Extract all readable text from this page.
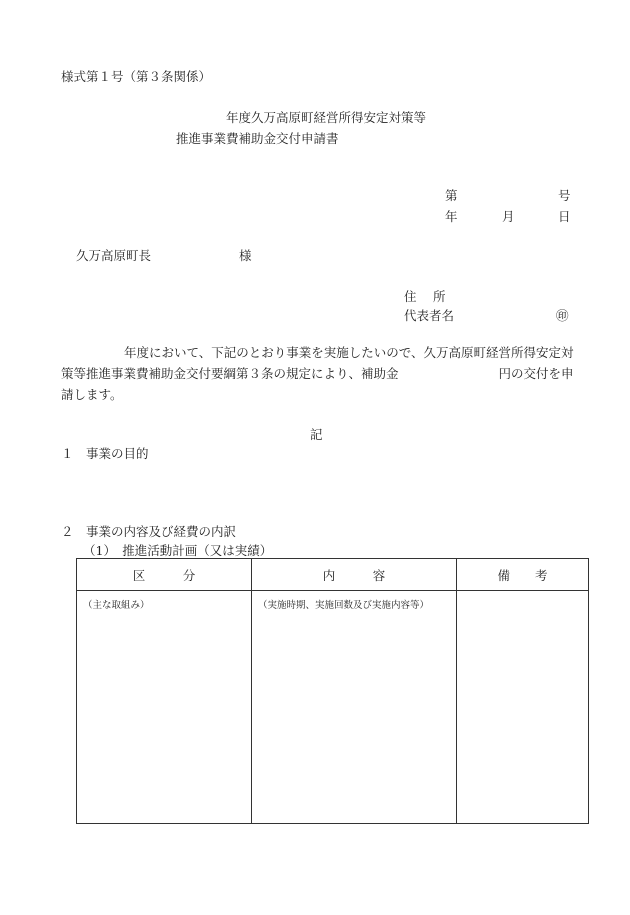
様式第１号（第３条関係）
年度久万高原町経営所得安定対策等
推進事業費補助金交付申請書
第	号
年	月	日
久万高原町長	様
住　 所
代表者名	㊞
年度において、下記のとおり事業を実施したいので、久万高原町経営所得安定対策等推進事業費補助金交付要綱第３条の規定により、補助金　　　　　　　　円の交付を申請します。
記
１　事業の目的
２　事業の内容及び経費の内訳
（1）　推進活動計画（又は実績）
区　　　分	内　　　容	備　　考

（主な取組み）	（実施時期、実施回数及び実施内容等）	
